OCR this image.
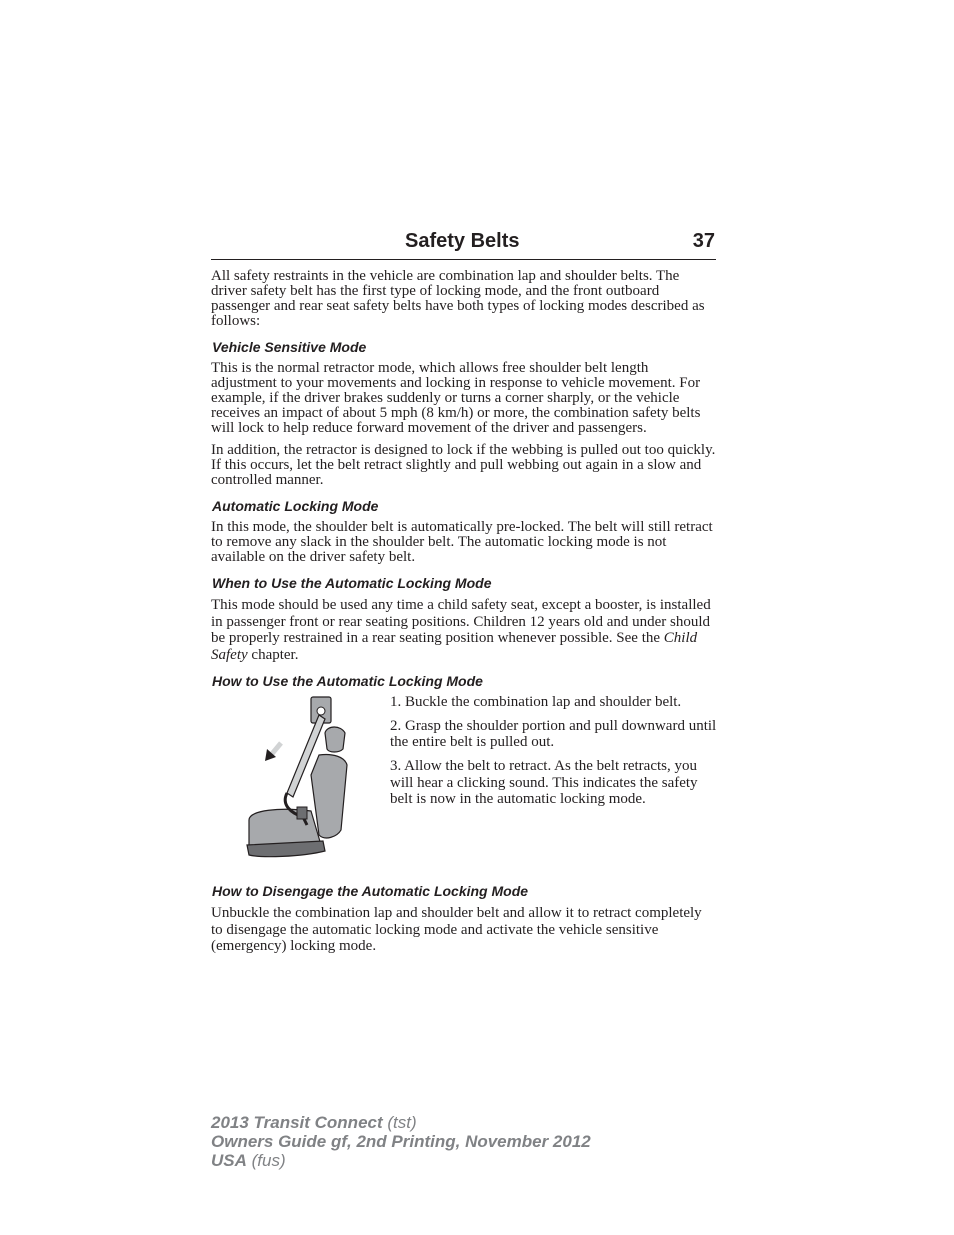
Safety Belts	37

All safety restraints in the vehicle are combination lap and shoulder belts. The driver safety belt has the first type of locking mode, and the front outboard passenger and rear seat safety belts have both types of locking modes described as follows:

Vehicle Sensitive Mode

This is the normal retractor mode, which allows free shoulder belt length adjustment to your movements and locking in response to vehicle movement. For example, if the driver brakes suddenly or turns a corner sharply, or the vehicle receives an impact of about 5 mph (8 km/h) or more, the combination safety belts will lock to help reduce forward movement of the driver and passengers.

In addition, the retractor is designed to lock if the webbing is pulled out too quickly. If this occurs, let the belt retract slightly and pull webbing out again in a slow and controlled manner.

Automatic Locking Mode

In this mode, the shoulder belt is automatically pre-locked. The belt will still retract to remove any slack in the shoulder belt. The automatic locking mode is not available on the driver safety belt.

When to Use the Automatic Locking Mode

This mode should be used any time a child safety seat, except a booster, is installed in passenger front or rear seating positions. Children 12 years old and under should be properly restrained in a rear seating position whenever possible. See the Child Safety chapter.

How to Use the Automatic Locking Mode

1. Buckle the combination lap and shoulder belt.

2. Grasp the shoulder portion and pull downward until the entire belt is pulled out.

3. Allow the belt to retract. As the belt retracts, you will hear a clicking sound. This indicates the safety belt is now in the automatic locking mode.

How to Disengage the Automatic Locking Mode

Unbuckle the combination lap and shoulder belt and allow it to retract completely to disengage the automatic locking mode and activate the vehicle sensitive (emergency) locking mode.

2013 Transit Connect (tst)
Owners Guide gf, 2nd Printing, November 2012
USA (fus)
